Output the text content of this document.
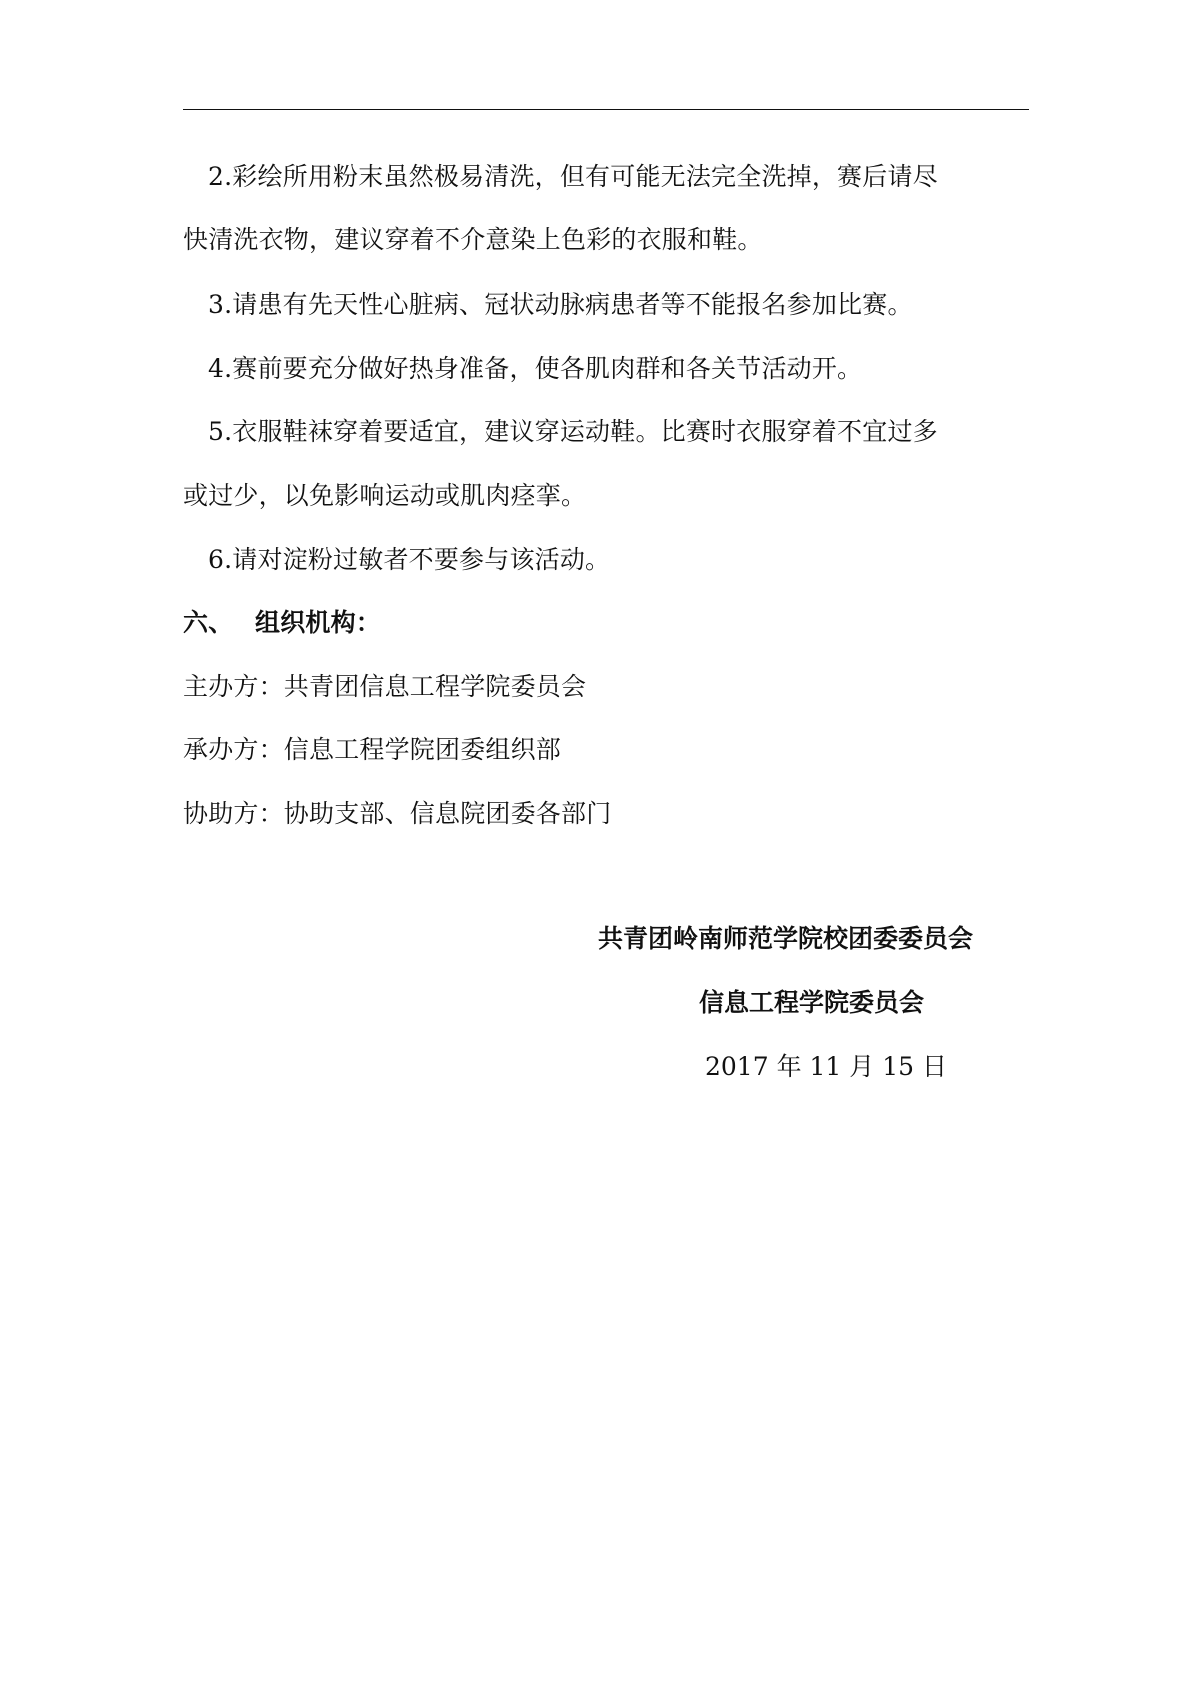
2.彩绘所用粉末虽然极易清洗，但有可能无法完全洗掉，赛后请尽
快清洗衣物，建议穿着不介意染上色彩的衣服和鞋。
3.请患有先天性心脏病、冠状动脉病患者等不能报名参加比赛。
4.赛前要充分做好热身准备，使各肌肉群和各关节活动开。
5.衣服鞋袜穿着要适宜，建议穿运动鞋。比赛时衣服穿着不宜过多
或过少，以免影响运动或肌肉痉挛。
6.请对淀粉过敏者不要参与该活动。
六、 组织机构：
主办方：共青团信息工程学院委员会
承办方：信息工程学院团委组织部
协助方：协助支部、信息院团委各部门
共青团岭南师范学院校团委委员会
信息工程学院委员会
2017 年 11 月 15 日
